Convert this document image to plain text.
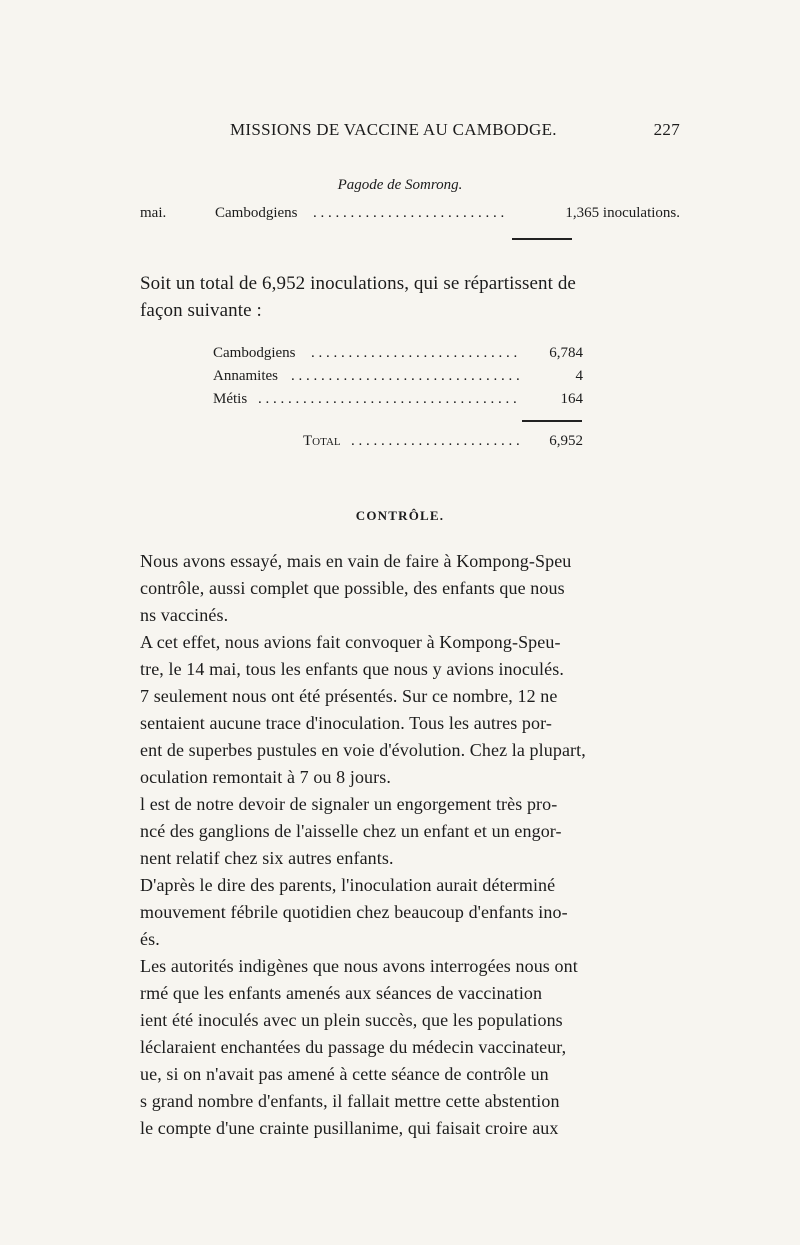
MISSIONS DE VACCINE AU CAMBODGE.	227
Pagode de Somrong.
mai.	Cambodgiens . . .	1,365 inoculations.
Soit un total de 6,952 inoculations, qui se répartissent de
façon suivante :
Cambodgiens . . .	6,784
Annamites . . .	4
Métis . . .	164
Total . . .	6,952
CONTRÔLE.
Nous avons essayé, mais en vain de faire à Kompong-Speu
contrôle, aussi complet que possible, des enfants que nous
ns vaccinés.
A cet effet, nous avions fait convoquer à Kompong-Speu-
tre, le 14 mai, tous les enfants que nous y avions inoculés.
7 seulement nous ont été présentés. Sur ce nombre, 12 ne
sentaient aucune trace d'inoculation. Tous les autres por-
ent de superbes pustules en voie d'évolution. Chez la plupart,
oculation remontait à 7 ou 8 jours.
l est de notre devoir de signaler un engorgement très pro-
ncé des ganglions de l'aisselle chez un enfant et un engor-
nent relatif chez six autres enfants.
D'après le dire des parents, l'inoculation aurait déterminé
mouvement fébrile quotidien chez beaucoup d'enfants ino-
és.
Les autorités indigènes que nous avons interrogées nous ont
rmé que les enfants amenés aux séances de vaccination
ient été inoculés avec un plein succès, que les populations
léclaraient enchantées du passage du médecin vaccinateur,
ue, si on n'avait pas amené à cette séance de contrôle un
s grand nombre d'enfants, il fallait mettre cette abstention
le compte d'une crainte pusillanime, qui faisait croire aux
